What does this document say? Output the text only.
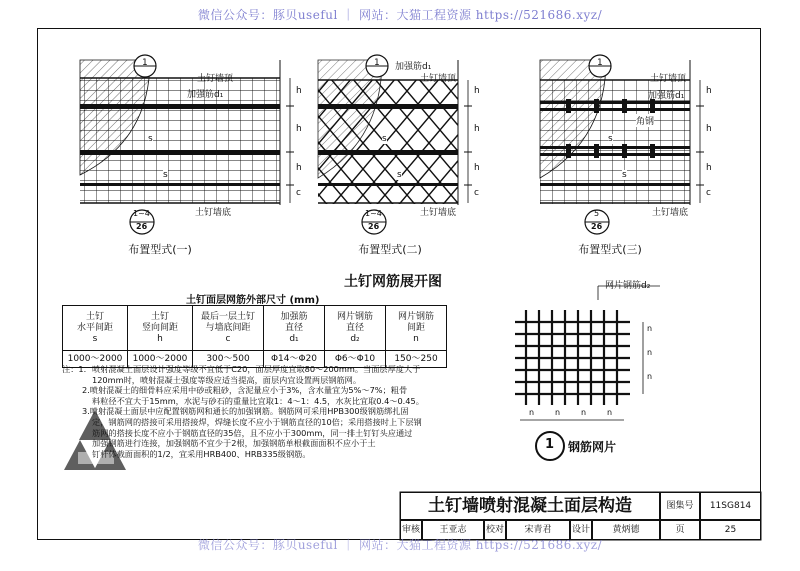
微信公众号：豚贝useful ｜ 网站：大猫工程资源 https://521686.xyz/
1
土钉墙顶
加强筋d₁
s
s
h
h
h
c
土钉墙底
1~4
26
布置型式(一)
1 加强筋d₁
土钉墙顶
s
s
h
h
h
c
土钉墙底
1~4
26
布置型式(二)
1
土钉墙顶
加强筋d₁
角钢
s
s
h
h
h
c
土钉墙底
5
26
布置型式(三)
土钉网筋展开图
土钉面层网筋外部尺寸 (mm)
土钉
水平间距
s	土钉
竖向间距
h	最后一层土钉
与墙底间距
c	加强筋
直径
d₁	网片钢筋
直径
d₂	网片钢筋
间距
n
1000～2000	1000～2000	300～500	Φ14～Φ20	Φ6～Φ10	150～250
注：1. 喷射混凝土面层设计强度等级不宜低于C20，面层厚度宜取80～200mm。当面层厚度大于
120mm时，喷射混凝土强度等级应适当提高，面层内宜设置两层钢筋网。
2.喷射混凝土的细骨料应采用中砂或粗砂，含泥量应小于3%，含水量宜为5%～7%；粗骨
料粒径不宜大于15mm，水泥与砂石的重量比宜取1：4～1：4.5，水灰比宜取0.4～0.45。
3.喷射混凝土面层中应配置钢筋网和通长的加强钢筋。钢筋网可采用HPB300级钢筋绑扎固
定，钢筋网的搭接可采用搭接焊，焊缝长度不应小于钢筋直径的10倍；采用搭接时上下层钢
筋网的搭接长度不应小于钢筋直径的35倍，且不应小于300mm，同一排土钉钉头应通过
加强钢筋进行连接，加强钢筋不宜少于2根，加强钢筋单根截面面积不应小于土
钉杆体截面面积的1/2，宜采用HRB400、HRB335级钢筋。
网片钢筋d₂
n
n
n
n	n	n	n
1 钢筋网片
土钉墙喷射混凝土面层构造	图集号	11SG814
审核	王亚志	校对	宋青君	设计	黄炳德	页	25
微信公众号：豚贝useful ｜ 网站：大猫工程资源 https://521686.xyz/
